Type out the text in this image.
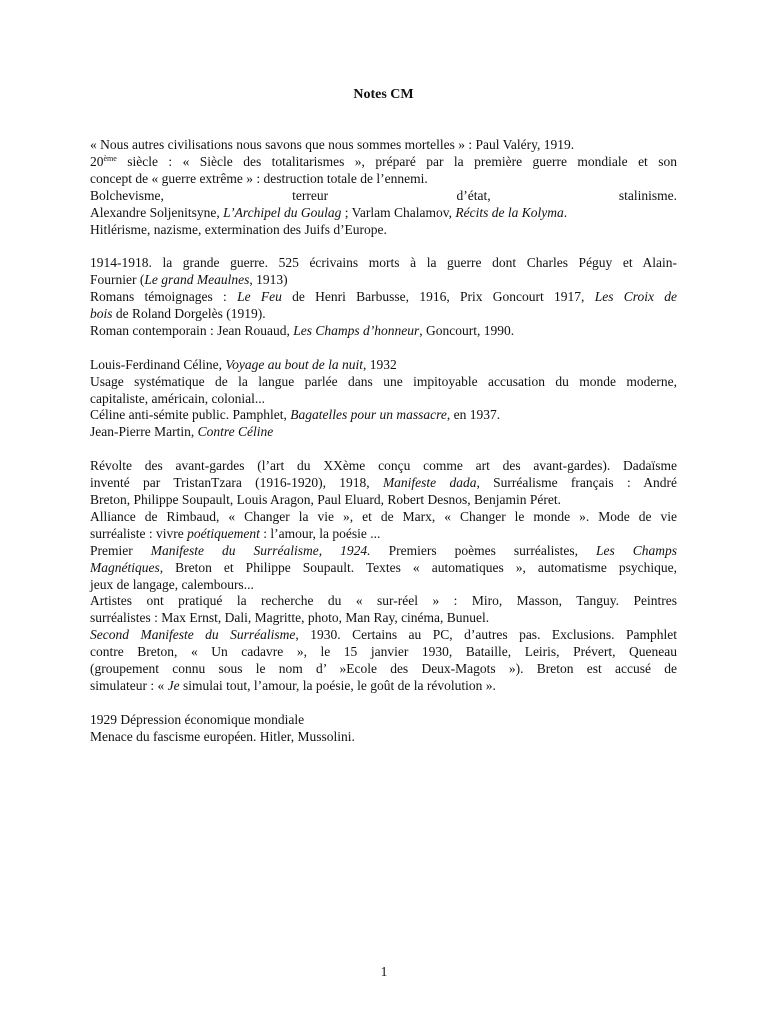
Notes CM
« Nous autres civilisations nous savons que nous sommes mortelles » : Paul Valéry, 1919.
20ème siècle : « Siècle des totalitarismes », préparé par la première guerre mondiale et son
concept de « guerre extrême » : destruction totale de l’ennemi.
Bolchevisme, terreur d’état, stalinisme.
Alexandre Soljenitsyne, L’Archipel du Goulag ; Varlam Chalamov, Récits de la Kolyma.
Hitlérisme, nazisme, extermination des Juifs d’Europe.
1914-1918. la grande guerre. 525 écrivains morts à la guerre dont Charles Péguy et Alain-
Fournier (Le grand Meaulnes, 1913)
Romans témoignages : Le Feu de Henri Barbusse, 1916, Prix Goncourt 1917, Les Croix de
bois de Roland Dorgelès (1919).
Roman contemporain : Jean Rouaud, Les Champs d’honneur, Goncourt, 1990.
Louis-Ferdinand Céline, Voyage au bout de la nuit, 1932
Usage systématique de la langue parlée dans une impitoyable accusation du monde moderne,
capitaliste, américain, colonial...
Céline anti-sémite public. Pamphlet, Bagatelles pour un massacre, en 1937.
Jean-Pierre Martin, Contre Céline
Révolte des avant-gardes (l’art du XXème conçu comme art des avant-gardes). Dadaïsme
inventé par TristanTzara (1916-1920), 1918, Manifeste dada, Surréalisme français : André
Breton, Philippe Soupault, Louis Aragon, Paul Eluard, Robert Desnos, Benjamin Péret.
Alliance de Rimbaud, « Changer la vie », et de Marx, « Changer le monde ». Mode de vie
surréaliste : vivre poétiquement : l’amour, la poésie ...
Premier Manifeste du Surréalisme, 1924. Premiers poèmes surréalistes, Les Champs
Magnétiques, Breton et Philippe Soupault. Textes « automatiques », automatisme psychique,
jeux de langage, calembours...
Artistes ont pratiqué la recherche du « sur-réel » : Miro, Masson, Tanguy. Peintres
surréalistes : Max Ernst, Dali, Magritte, photo, Man Ray, cinéma, Bunuel.
Second Manifeste du Surréalisme, 1930. Certains au PC, d’autres pas. Exclusions. Pamphlet
contre Breton, « Un cadavre », le 15 janvier 1930, Bataille, Leiris, Prévert, Queneau
(groupement connu sous le nom d’ »Ecole des Deux-Magots »). Breton est accusé de
simulateur : « Je simulai tout, l’amour, la poésie, le goût de la révolution ».
1929 Dépression économique mondiale
Menace du fascisme européen. Hitler, Mussolini.
1
